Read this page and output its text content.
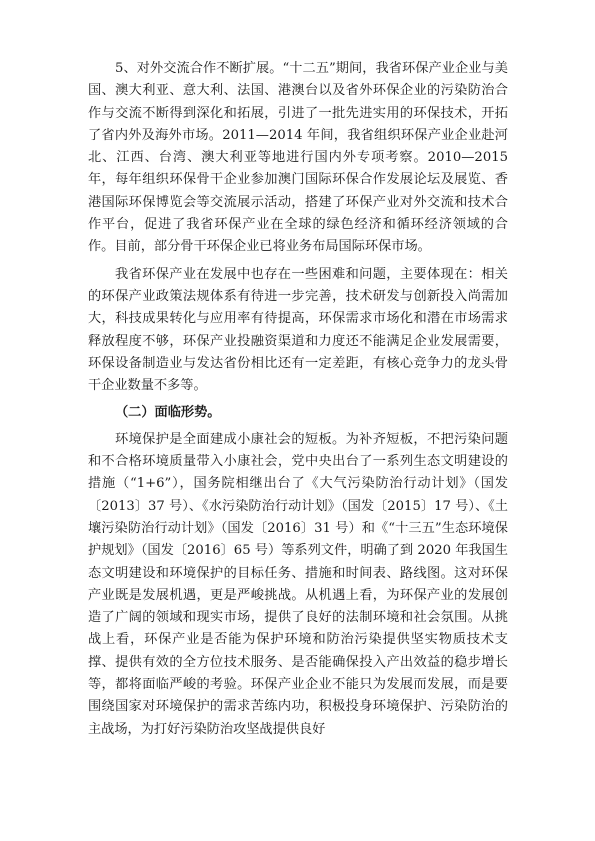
5、对外交流合作不断扩展。“十二五”期间，我省环保产业企业与美国、澳大利亚、意大利、法国、港澳台以及省外环保企业的污染防治合作与交流不断得到深化和拓展，引进了一批先进实用的环保技术，开拓了省内外及海外市场。2011—2014 年间，我省组织环保产业企业赴河北、江西、台湾、澳大利亚等地进行国内外专项考察。2010—2015 年，每年组织环保骨干企业参加澳门国际环保合作发展论坛及展览、香港国际环保博览会等交流展示活动，搭建了环保产业对外交流和技术合作平台，促进了我省环保产业在全球的绿色经济和循环经济领域的合作。目前，部分骨干环保企业已将业务布局国际环保市场。

我省环保产业在发展中也存在一些困难和问题，主要体现在：相关的环保产业政策法规体系有待进一步完善，技术研发与创新投入尚需加大，科技成果转化与应用率有待提高，环保需求市场化和潜在市场需求释放程度不够，环保产业投融资渠道和力度还不能满足企业发展需要，环保设备制造业与发达省份相比还有一定差距，有核心竞争力的龙头骨干企业数量不多等。

（二）面临形势。

环境保护是全面建成小康社会的短板。为补齐短板，不把污染问题和不合格环境质量带入小康社会，党中央出台了一系列生态文明建设的措施（“1+6”），国务院相继出台了《大气污染防治行动计划》（国发〔2013〕37 号）、《水污染防治行动计划》（国发〔2015〕17 号）、《土壤污染防治行动计划》（国发〔2016〕31 号）和《“十三五”生态环境保护规划》（国发〔2016〕65 号）等系列文件，明确了到 2020 年我国生态文明建设和环境保护的目标任务、措施和时间表、路线图。这对环保产业既是发展机遇，更是严峻挑战。从机遇上看，为环保产业的发展创造了广阔的领域和现实市场，提供了良好的法制环境和社会氛围。从挑战上看，环保产业是否能为保护环境和防治污染提供坚实物质技术支撑、提供有效的全方位技术服务、是否能确保投入产出效益的稳步增长等，都将面临严峻的考验。环保产业企业不能只为发展而发展，而是要围绕国家对环境保护的需求苦练内功，积极投身环境保护、污染防治的主战场，为打好污染防治攻坚战提供良好
